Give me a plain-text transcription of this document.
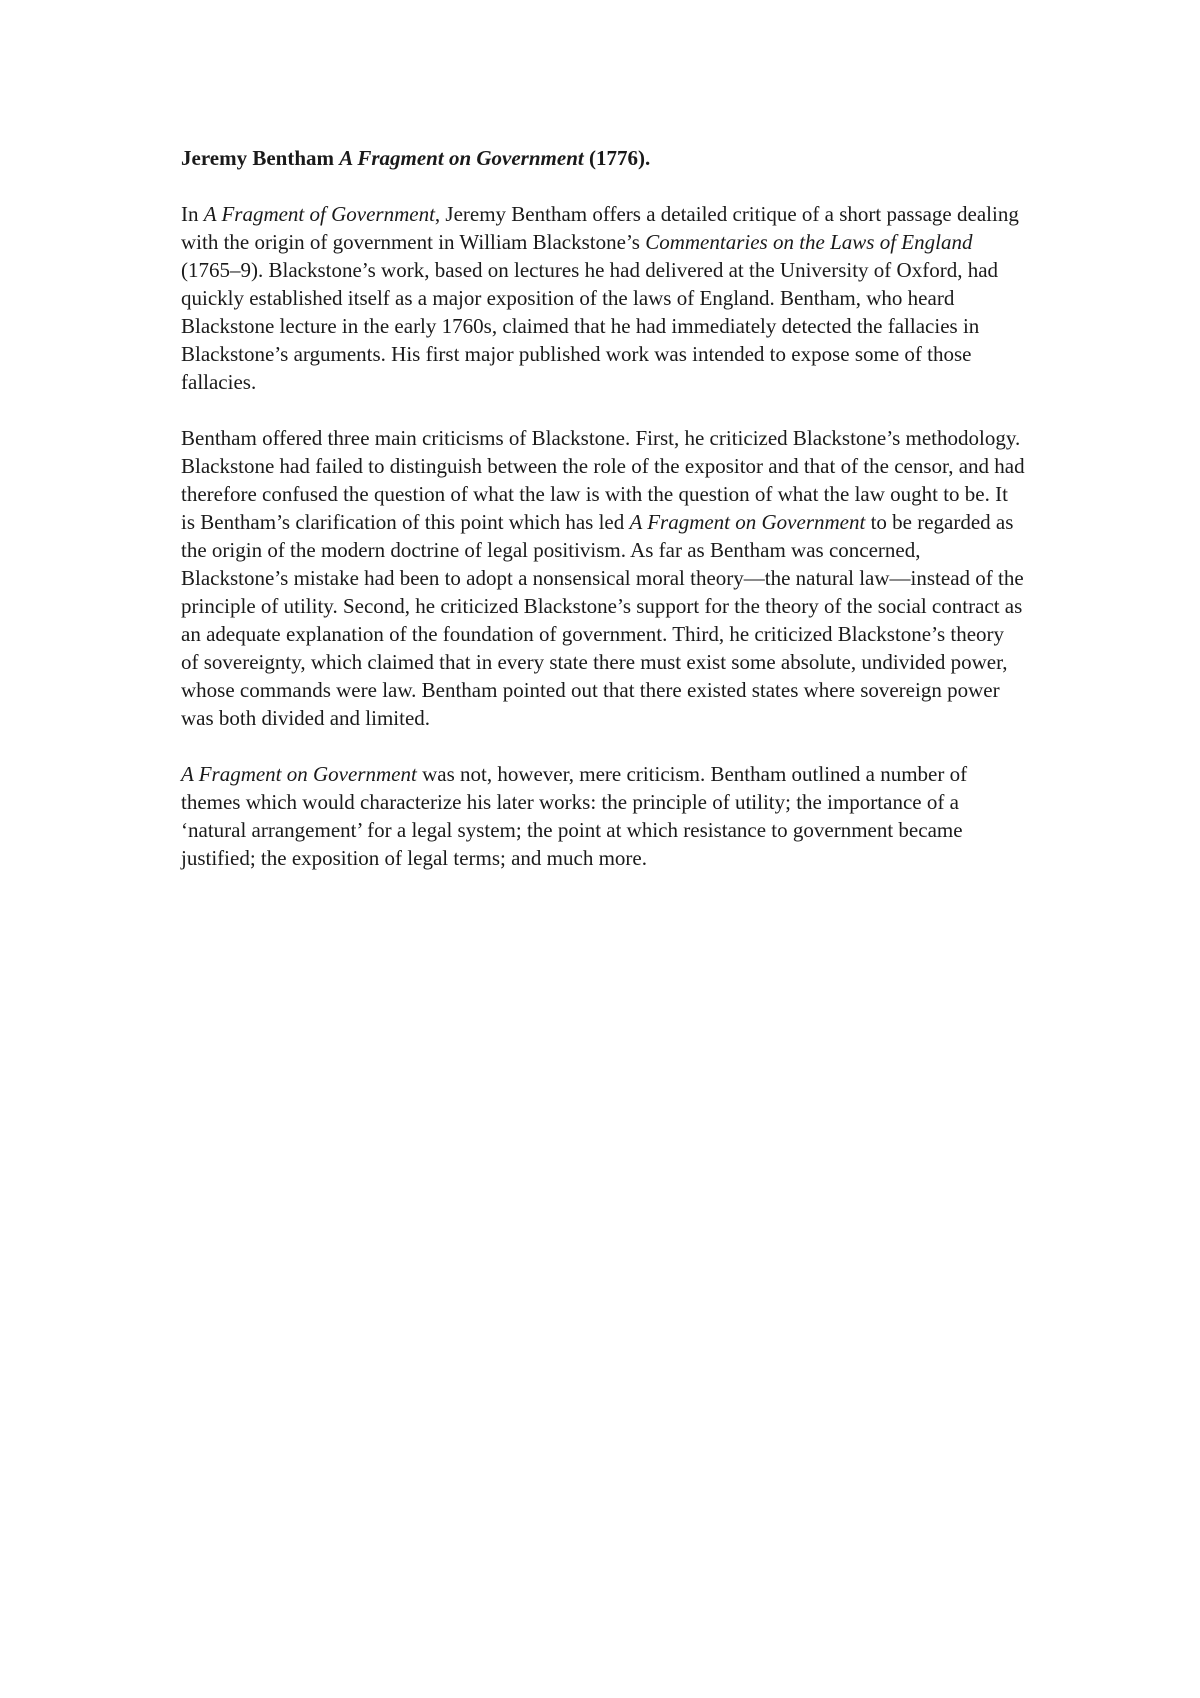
Jeremy Bentham A Fragment on Government (1776).

In A Fragment of Government, Jeremy Bentham offers a detailed critique of a short passage dealing with the origin of government in William Blackstone’s Commentaries on the Laws of England (1765–9). Blackstone’s work, based on lectures he had delivered at the University of Oxford, had quickly established itself as a major exposition of the laws of England. Bentham, who heard Blackstone lecture in the early 1760s, claimed that he had immediately detected the fallacies in Blackstone’s arguments. His first major published work was intended to expose some of those fallacies.

Bentham offered three main criticisms of Blackstone. First, he criticized Blackstone’s methodology. Blackstone had failed to distinguish between the role of the expositor and that of the censor, and had therefore confused the question of what the law is with the question of what the law ought to be. It is Bentham’s clarification of this point which has led A Fragment on Government to be regarded as the origin of the modern doctrine of legal positivism. As far as Bentham was concerned, Blackstone’s mistake had been to adopt a nonsensical moral theory—the natural law—instead of the principle of utility. Second, he criticized Blackstone’s support for the theory of the social contract as an adequate explanation of the foundation of government. Third, he criticized Blackstone’s theory of sovereignty, which claimed that in every state there must exist some absolute, undivided power, whose commands were law. Bentham pointed out that there existed states where sovereign power was both divided and limited.

A Fragment on Government was not, however, mere criticism. Bentham outlined a number of themes which would characterize his later works: the principle of utility; the importance of a ‘natural arrangement’ for a legal system; the point at which resistance to government became justified; the exposition of legal terms; and much more.
